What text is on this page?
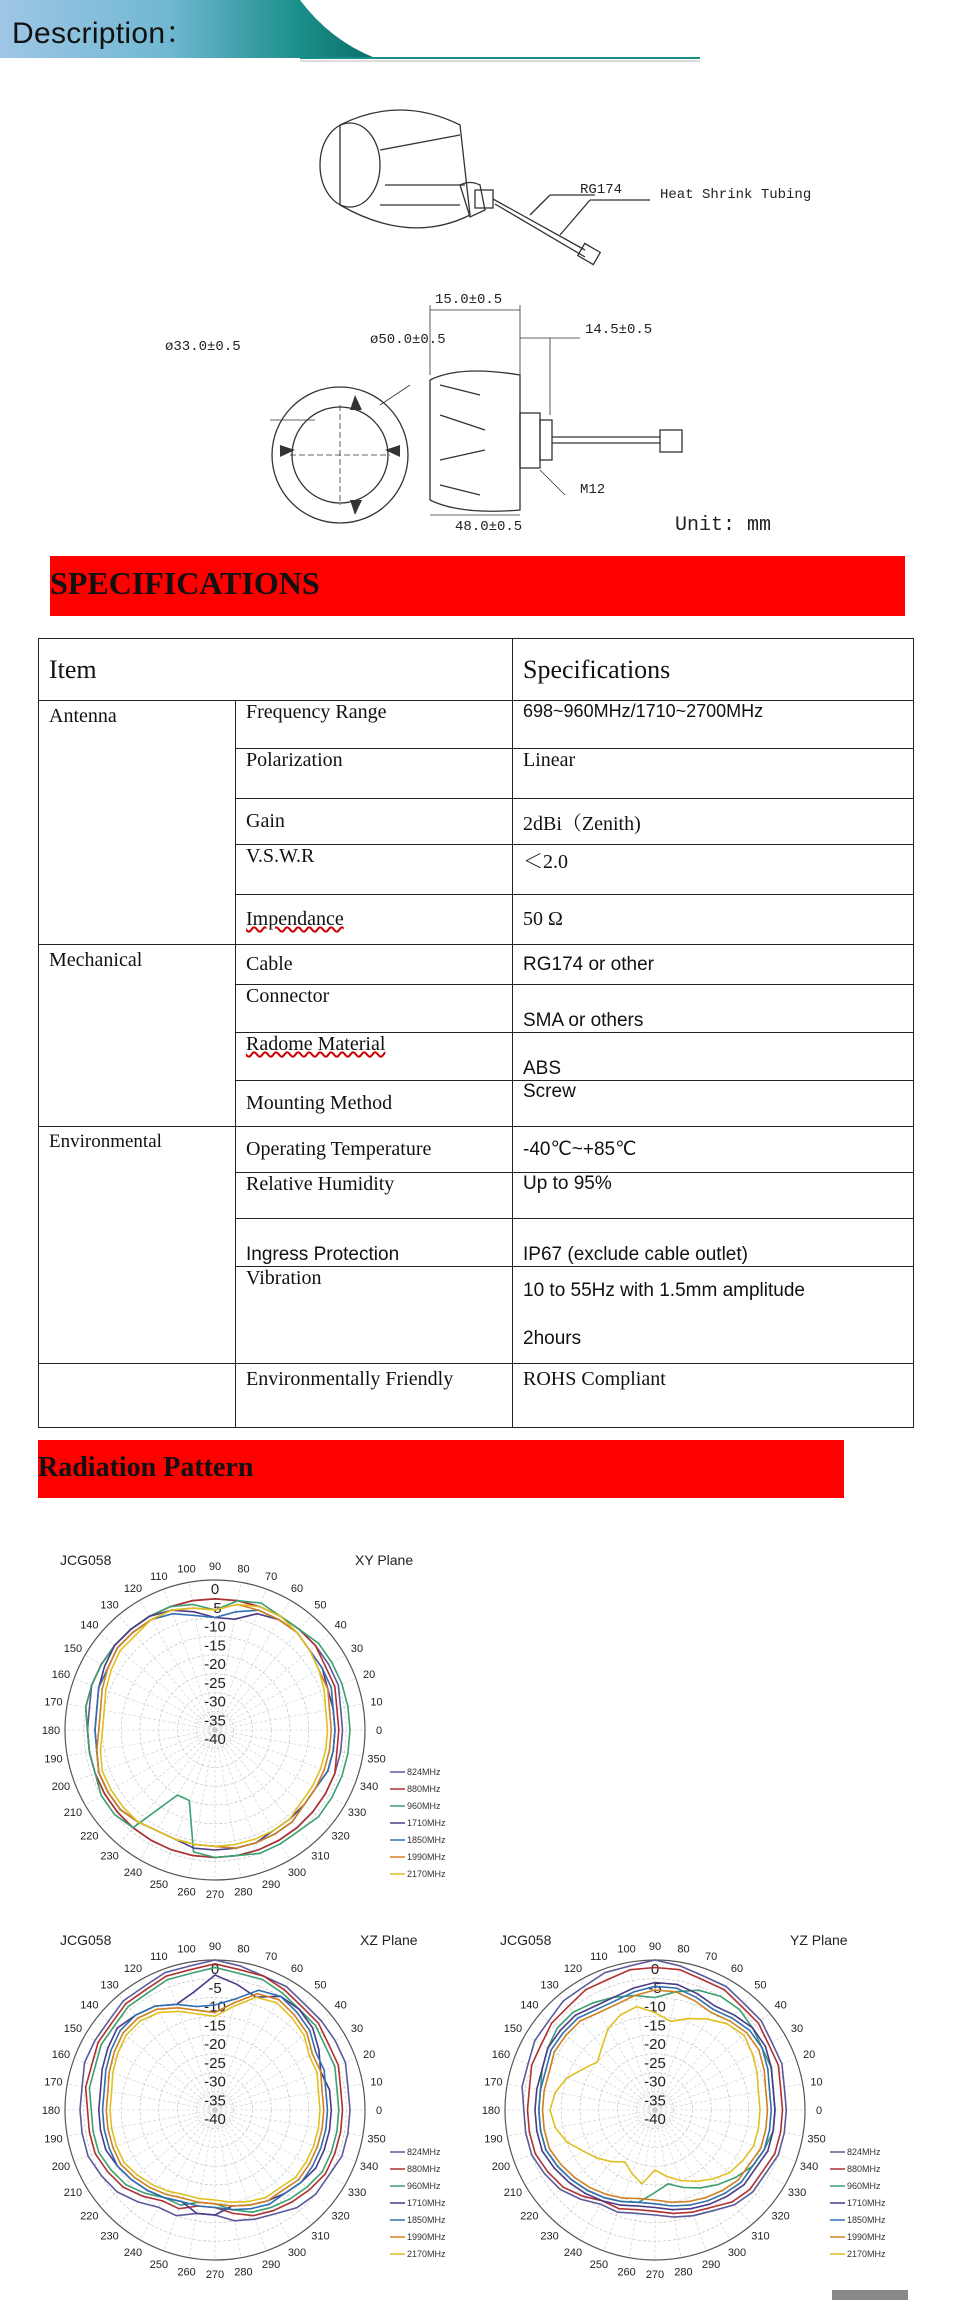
Description：
RG174	Heat Shrink Tubing
15.0±0.5
14.5±0.5
ø33.0±0.5	ø50.0±0.5
M12
48.0±0.5	Unit: mm
SPECIFICATIONS
Item		Specifications
Antenna	Frequency Range	698~960MHz/1710~2700MHz
	Polarization	Linear
	Gain	2dBi（Zenith)
	V.S.W.R	＜2.0
	Impendance	50 Ω
Mechanical	Cable	RG174 or other
	Connector	SMA or others
	Radome Material	ABS
	Mounting Method	Screw
Environmental	Operating Temperature	-40℃~+85℃
	Relative Humidity	Up to 95%
	Ingress Protection	IP67 (exclude cable outlet)
	Vibration	10 to 55Hz with 1.5mm amplitude
2hours

	Environmentally Friendly	ROHS Compliant
Radiation Pattern
JCG058	XY Plane
0
10
20
30
40
50
60
70
80
90
100
110
120
130
140
150
160
170
180
190
200
210
220
230
240
250
260 270 280
290
300
310
320
330
340
350
0
-5
-10
-15
-20
-25
-30
-35
-40
824MHz
880MHz
960MHz
1710MHz
1850MHz
1990MHz
2170MHz
JCG058	XZ Plane
0
10
20
30
40
50
60
70
80
90
100
110
120
130
140
150
160
170
180
190
200
210
220
230
240
250
260 270 280
290
300
310
320
330
340
350
0
-5
-10
-15
-20
-25
-30
-35
-40
824MHz
880MHz
960MHz
1710MHz
1850MHz
1990MHz
2170MHz
JCG058	YZ Plane
0
10
20
30
40
50
60
70
80
90
100
110
120
130
140
150
160
170
180
190
200
210
220
230
240
250
260 270 280
290
300
310
320
330
340
350
0
-5
-10
-15
-20
-25
-30
-35
-40
824MHz
880MHz
960MHz
1710MHz
1850MHz
1990MHz
2170MHz
